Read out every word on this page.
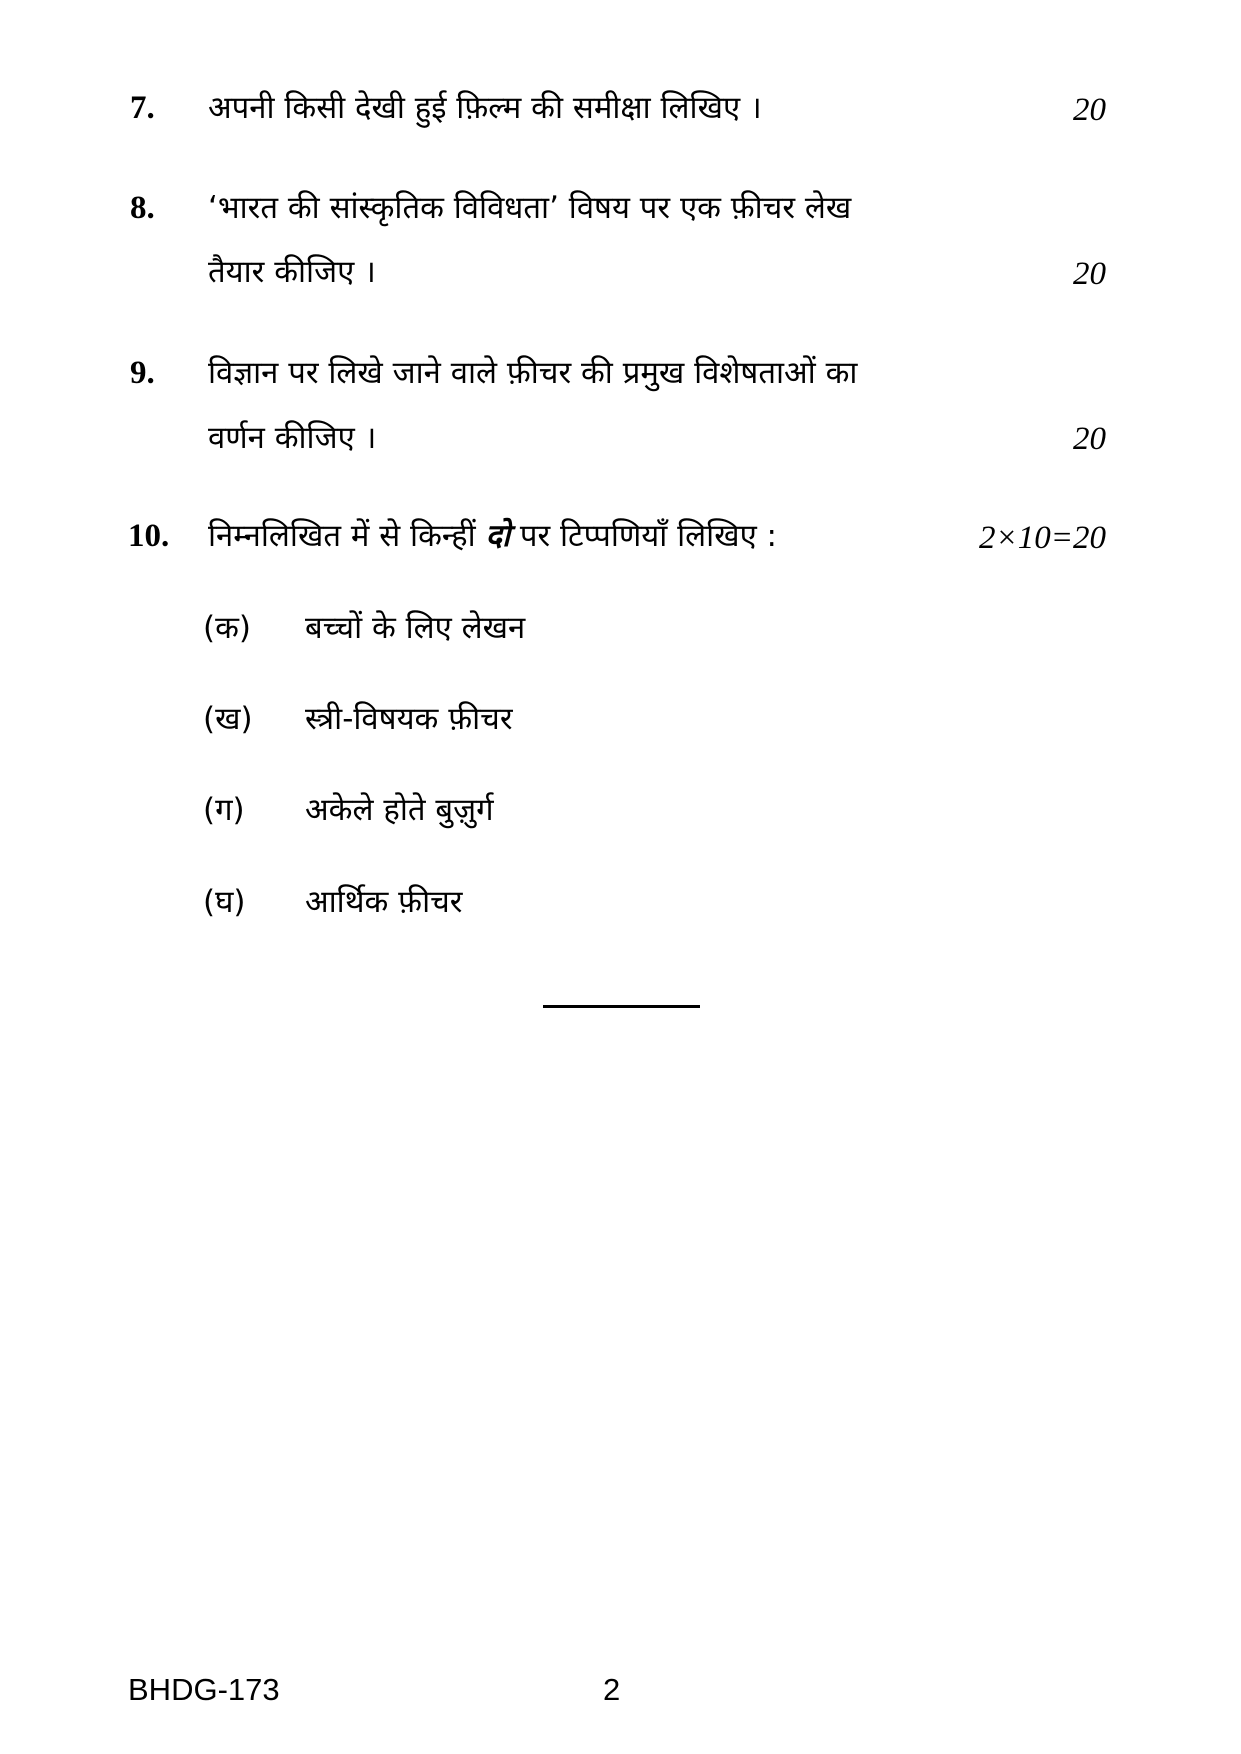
7. अपनी किसी देखी हुई फ़िल्म की समीक्षा लिखिए ।	20
8. ‘भारत की सांस्कृतिक विविधता’ विषय पर एक फ़ीचर लेख
तैयार कीजिए ।	20
9. विज्ञान पर लिखे जाने वाले फ़ीचर की प्रमुख विशेषताओं का
वर्णन कीजिए ।	20
10. निम्नलिखित में से किन्हीं दो पर टिप्पणियाँ लिखिए :	2×10=20
(क) बच्चों के लिए लेखन
(ख) स्त्री-विषयक फ़ीचर
(ग) अकेले होते बुज़ुर्ग
(घ) आर्थिक फ़ीचर
BHDG-173	2
